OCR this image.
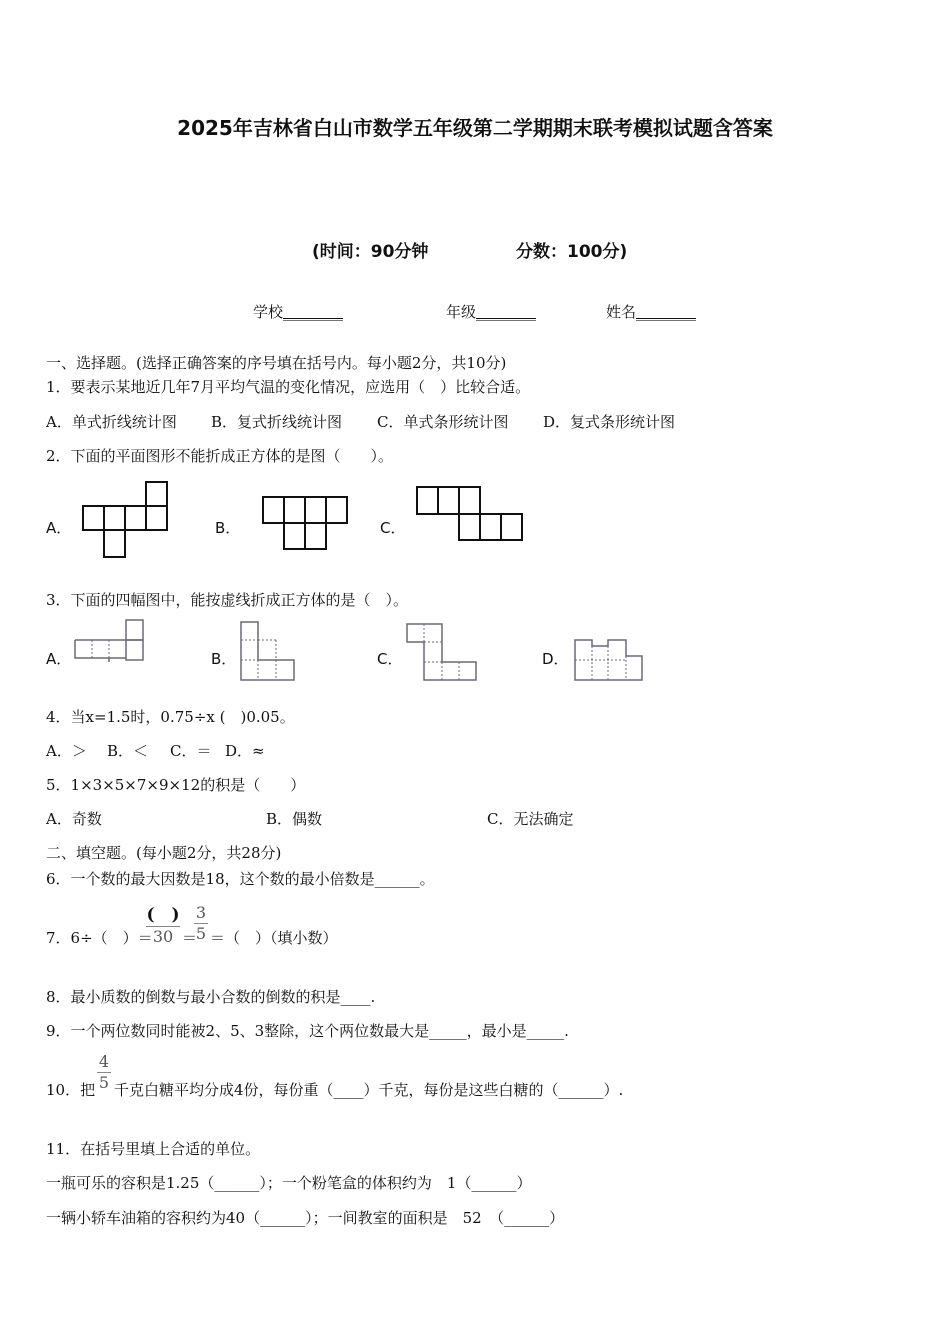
2025年吉林省白山市数学五年级第二学期期末联考模拟试题含答案
(时间：90分钟	分数：100分)
学校________	年级________	姓名________
一、选择题。(选择正确答案的序号填在括号内。每小题2分，共10分)
1．要表示某地近几年7月平均气温的变化情况，应选用（　）比较合适。
A．单式折线统计图 B．复式折线统计图 C．单式条形统计图 D．复式条形统计图
2．下面的平面图形不能折成正方体的是图（　　）。
A．	B．	C．
3．下面的四幅图中，能按虚线折成正方体的是（　）。
A．	B．	C．	D．
4．当x=1.5时，0.75÷x (　)0.05。
A．＞ B．＜ C．＝ D．≈
5．1×3×5×7×9×12的积是（　　）
A．奇数	B．偶数	C．无法确定
二、填空题。(每小题2分，共28分)
6．一个数的最大因数是18，这个数的最小倍数是______。
7．6÷（　）＝
(　)
30 ＝
3
5 ＝（　）（填小数）
8．最小质数的倒数与最小合数的倒数的积是____.
9．一个两位数同时能被2、5、3整除，这个两位数最大是_____，最小是_____.
10．把
4
5 千克白糖平均分成4份，每份重（____）千克，每份是这些白糖的（______）.
11．在括号里填上合适的单位。
一瓶可乐的容积是1.25（______）；一个粉笔盒的体积约为　1（______）
一辆小轿车油箱的容积约为40（______）；一间教室的面积是　52　（______）
